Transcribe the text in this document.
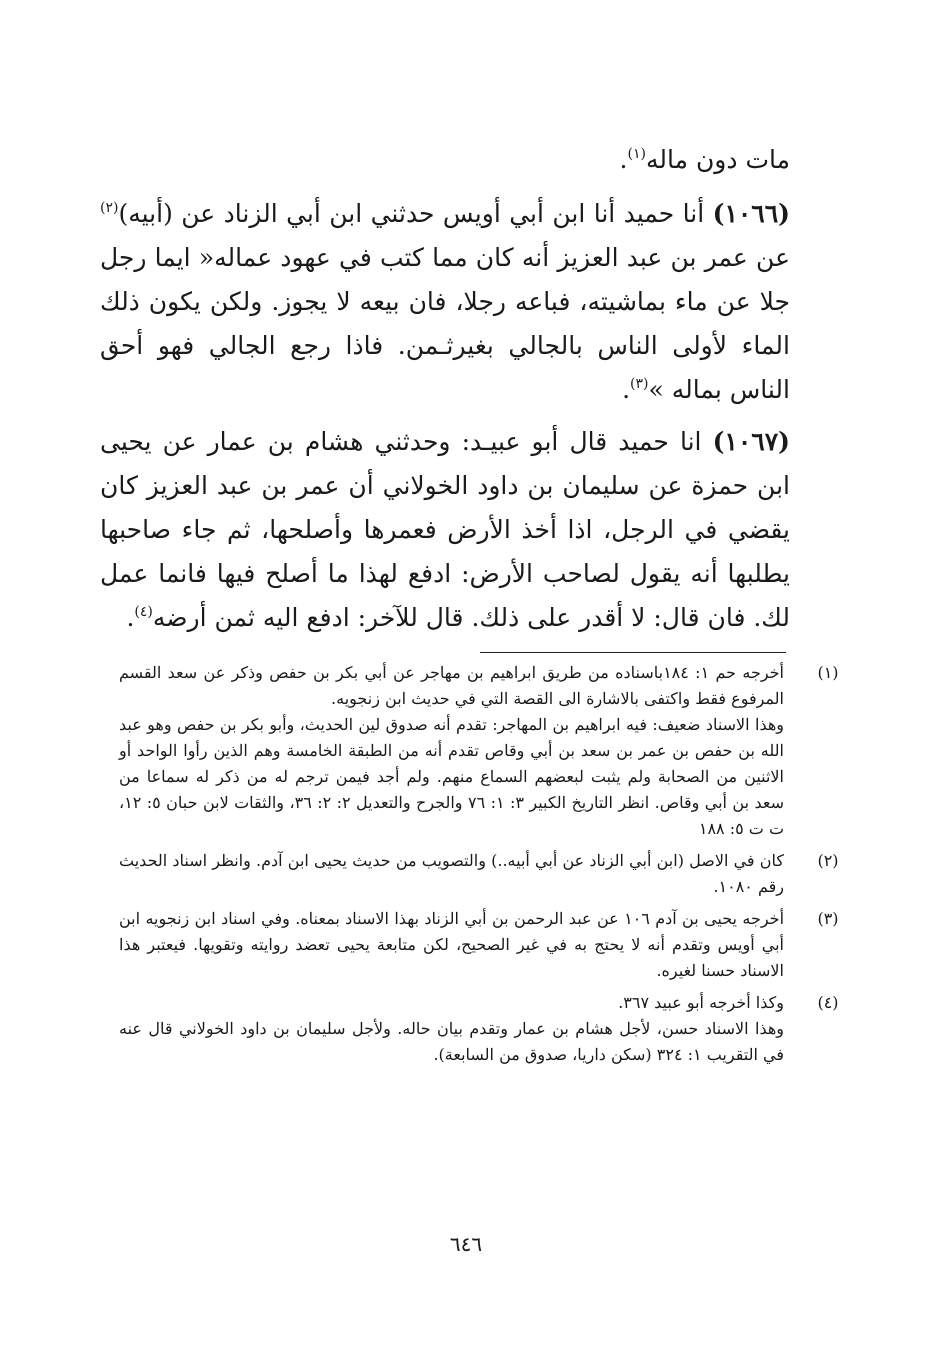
مات دون ماله$^{(١)}$.

(١٠٦٦) أنا حميد أنا ابن أبي أويس حدثني ابن أبي الزناد عن (أبيه)$^{(٢)}$ عن عمر بن عبد العزيز أنه كان مما كتب في عهود عماله« ايما رجل جلا عن ماء بماشيته، فباعه رجلا، فان بيعه لا يجوز. ولكن يكون ذلك الماء لأولى الناس بالجالي بغيرثـمن. فاذا رجع الجالي فهو أحق الناس بماله »$^{(٣)}$.

(١٠٦٧) انا حميد قال أبو عبيـد: وحدثني هشام بن عمار عن يحيى ابن حمزة عن سليمان بن داود الخولاني أن عمر بن عبد العزيز كان يقضي في الرجل، اذا أخذ الأرض فعمرها وأصلحها، ثم جاء صاحبها يطلبها أنه يقول لصاحب الأرض: ادفع لهذا ما أصلح فيها فانما عمل لك. فان قال: لا أقدر على ذلك. قال للآخر: ادفع اليه ثمن أرضه$^{(٤)}$.

(١)

أخرجه حم ١: ١٨٤باسناده من طريق ابراهيم بن مهاجر عن أبي بكر بن حفص وذكر عن سعد القسم المرفوع فقط واكتفى بالاشارة الى القصة التي في حديث ابن زنجويه.

وهذا الاسناد ضعيف: فيه ابراهيم بن المهاجر: تقدم أنه صدوق لين الحديث، وأبو بكر بن حفص وهو عبد الله بن حفص بن عمر بن سعد بن أبي وقاص تقدم أنه من الطبقة الخامسة وهم الذين رأوا الواحد أو الاثنين من الصحابة ولم يثبت لبعضهم السماع منهم. ولم أجد فيمن ترجم له من ذكر له سماعا من سعد بن أبي وقاص. انظر التاريخ الكبير ٣: ١: ٧٦ والجرح والتعديل ٢: ٢: ٣٦، والثقات لابن حبان ٥: ١٢، ت ت ٥: ١٨٨

(٢)

كان في الاصل (ابن أبي الزناد عن أبي أبيه..) والتصويب من حديث يحيى ابن آدم. وانظر اسناد الحديث رقم ١٠٨٠.

(٣)

أخرجه يحيى بن آدم ١٠٦ عن عبد الرحمن بن أبي الزناد بهذا الاسناد بمعناه. وفي اسناد ابن زنجويه ابن أبي أويس وتقدم أنه لا يحتج به في غير الصحيح، لكن متابعة يحيى تعضد روايته وتقويها. فيعتبر هذا الاسناد حسنا لغيره.

(٤)

وكذا أخرجه أبو عبيد ٣٦٧.

وهذا الاسناد حسن، لأجل هشام بن عمار وتقدم بيان حاله. ولأجل سليمان بن داود الخولاني قال عنه في التقريب ١: ٣٢٤ (سكن داريا، صدوق من السابعة).

٦٤٦
